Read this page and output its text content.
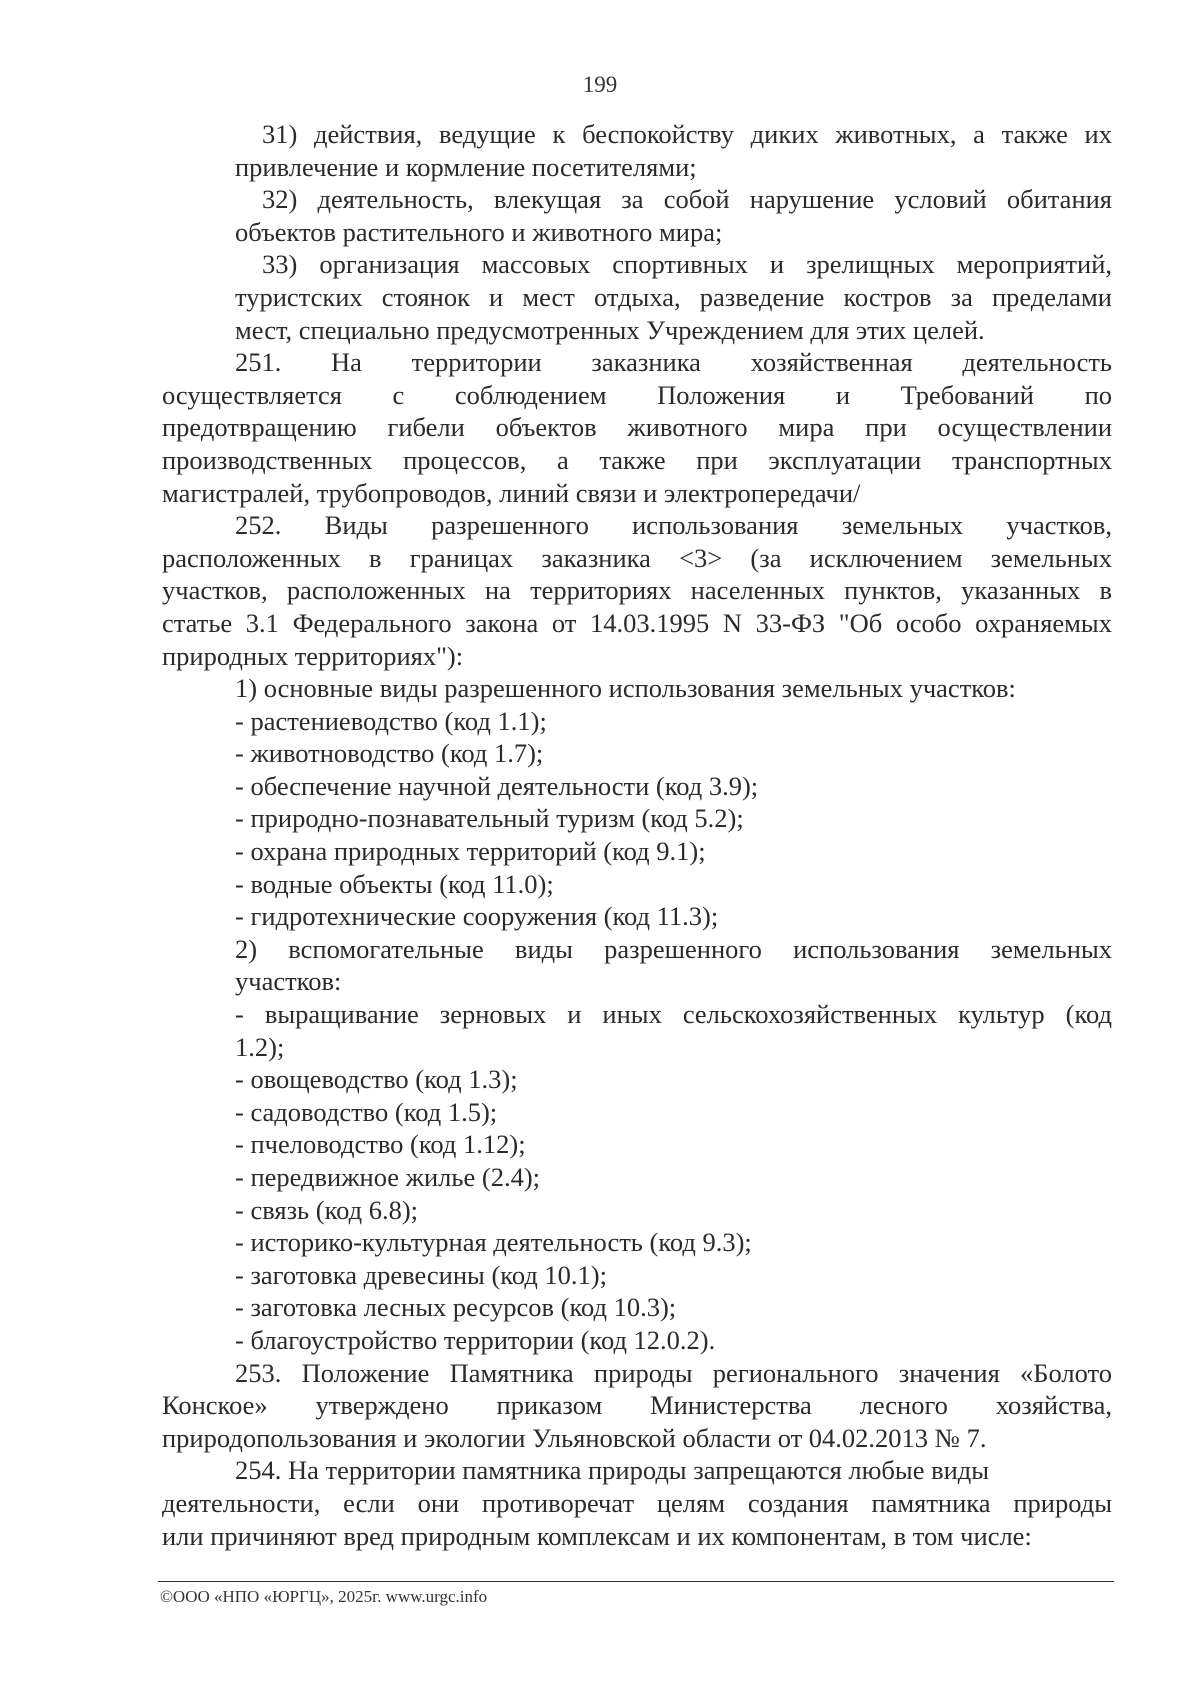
199
31) действия, ведущие к беспокойству диких животных, а также их
привлечение и кормление посетителями;
32) деятельность, влекущая за собой нарушение условий обитания
объектов растительного и животного мира;
33) организация массовых спортивных и зрелищных мероприятий,
туристских стоянок и мест отдыха, разведение костров за пределами
мест, специально предусмотренных Учреждением для этих целей.
251. На территории заказника хозяйственная деятельность
осуществляется с соблюдением Положения и Требований по
предотвращению гибели объектов животного мира при осуществлении
производственных процессов, а также при эксплуатации транспортных
магистралей, трубопроводов, линий связи и электропередачи/
252. Виды разрешенного использования земельных участков,
расположенных в границах заказника <3> (за исключением земельных
участков, расположенных на территориях населенных пунктов, указанных в
статье 3.1 Федерального закона от 14.03.1995 N 33-ФЗ "Об особо охраняемых
природных территориях"):
1) основные виды разрешенного использования земельных участков:
- растениеводство (код 1.1);
- животноводство (код 1.7);
- обеспечение научной деятельности (код 3.9);
- природно-познавательный туризм (код 5.2);
- охрана природных территорий (код 9.1);
- водные объекты (код 11.0);
- гидротехнические сооружения (код 11.3);
2) вспомогательные виды разрешенного использования земельных
участков:
- выращивание зерновых и иных сельскохозяйственных культур (код
1.2);
- овощеводство (код 1.3);
- садоводство (код 1.5);
- пчеловодство (код 1.12);
- передвижное жилье (2.4);
- связь (код 6.8);
- историко-культурная деятельность (код 9.3);
- заготовка древесины (код 10.1);
- заготовка лесных ресурсов (код 10.3);
- благоустройство территории (код 12.0.2).
253. Положение Памятника природы регионального значения «Болото
Конское» утверждено приказом Министерства лесного хозяйства,
природопользования и экологии Ульяновской области от 04.02.2013 № 7.
254. На территории памятника природы запрещаются любые виды
деятельности, если они противоречат целям создания памятника природы
или причиняют вред природным комплексам и их компонентам, в том числе:
©ООО «НПО «ЮРГЦ», 2025г. www.urgc.info
